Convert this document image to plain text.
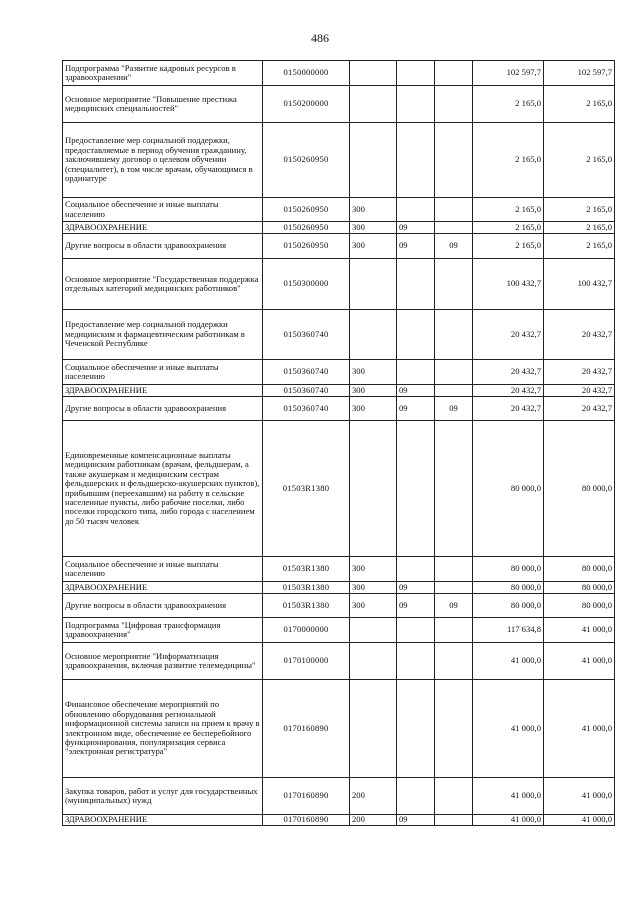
486
Подпрограмма "Развитие кадровых ресурсов в здравоохранении"	0150000000				102 597,7	102 597,7
Основное мероприятие "Повышение престижа медицинских специальностей"	0150200000				2 165,0	2 165,0
Предоставление мер социальной поддержки, предоставляемые в период обучения гражданину, заключившему договор о целевом обучении (специалитет), в том числе врачам, обучающимся в ординатуре	0150260950				2 165,0	2 165,0
Социальное обеспечение и иные выплаты населению	0150260950	300			2 165,0	2 165,0
ЗДРАВООХРАНЕНИЕ	0150260950	300	09		2 165,0	2 165,0
Другие вопросы в области здравоохранения	0150260950	300	09	09	2 165,0	2 165,0
Основное мероприятие "Государственная поддержка отдельных категорий медицинских работников"	0150300000				100 432,7	100 432,7
Предоставление мер социальной поддержки медицинским и фармацевтическим работникам в Чеченской Республике	0150360740				20 432,7	20 432,7
Социальное обеспечение и иные выплаты населению	0150360740	300			20 432,7	20 432,7
ЗДРАВООХРАНЕНИЕ	0150360740	300	09		20 432,7	20 432,7
Другие вопросы в области здравоохранения	0150360740	300	09	09	20 432,7	20 432,7
Единовременные компенсационные выплаты медицинским работникам (врачам, фельдшерам, а также акушеркам и медицинским сестрам фельдшерских и фельдшерско-акушерских пунктов), прибывшим (переехавшим) на работу в сельские населенные пункты, либо рабочие поселки, либо поселки городского типа, либо города с населением до 50 тысяч человек	01503R1380				80 000,0	80 000,0
Социальное обеспечение и иные выплаты населению	01503R1380	300			80 000,0	80 000,0
ЗДРАВООХРАНЕНИЕ	01503R1380	300	09		80 000,0	80 000,0
Другие вопросы в области здравоохранения	01503R1380	300	09	09	80 000,0	80 000,0
Подпрограмма "Цифровая трансформация здравоохранения"	0170000000				117 634,8	41 000,0
Основное мероприятие "Информатизация здравоохранения, включая развитие телемедицины"	0170100000				41 000,0	41 000,0
Финансовое обеспечение мероприятий по обновлению оборудования региональной информационной системы записи на прием к врачу в электронном виде, обеспечение ее бесперебойного функционирования, популяризация сервиса "электронная регистратура"	0170160890				41 000,0	41 000,0
Закупка товаров, работ и услуг для государственных (муниципальных) нужд	0170160890	200			41 000,0	41 000,0
ЗДРАВООХРАНЕНИЕ	0170160890	200	09		41 000,0	41 000,0
